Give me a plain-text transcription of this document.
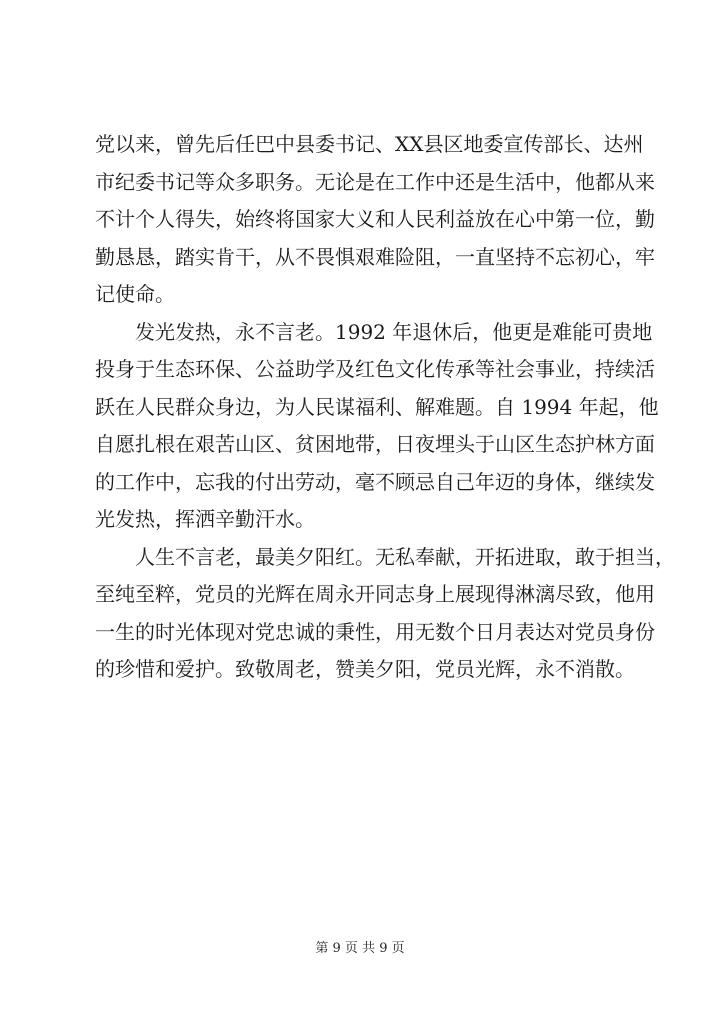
党以来，曾先后任巴中县委书记、XX县区地委宣传部长、达州
市纪委书记等众多职务。无论是在工作中还是生活中，他都从来
不计个人得失，始终将国家大义和人民利益放在心中第一位，勤
勤恳恳，踏实肯干，从不畏惧艰难险阻，一直坚持不忘初心，牢
记使命。
发光发热，永不言老。1992 年退休后，他更是难能可贵地
投身于生态环保、公益助学及红色文化传承等社会事业，持续活
跃在人民群众身边，为人民谋福利、解难题。自 1994 年起，他
自愿扎根在艰苦山区、贫困地带，日夜埋头于山区生态护林方面
的工作中，忘我的付出劳动，毫不顾忌自己年迈的身体，继续发
光发热，挥洒辛勤汗水。
人生不言老，最美夕阳红。无私奉献，开拓进取，敢于担当，
至纯至粹，党员的光辉在周永开同志身上展现得淋漓尽致，他用
一生的时光体现对党忠诚的秉性，用无数个日月表达对党员身份
的珍惜和爱护。致敬周老，赞美夕阳，党员光辉，永不消散。
第 9 页 共 9 页
